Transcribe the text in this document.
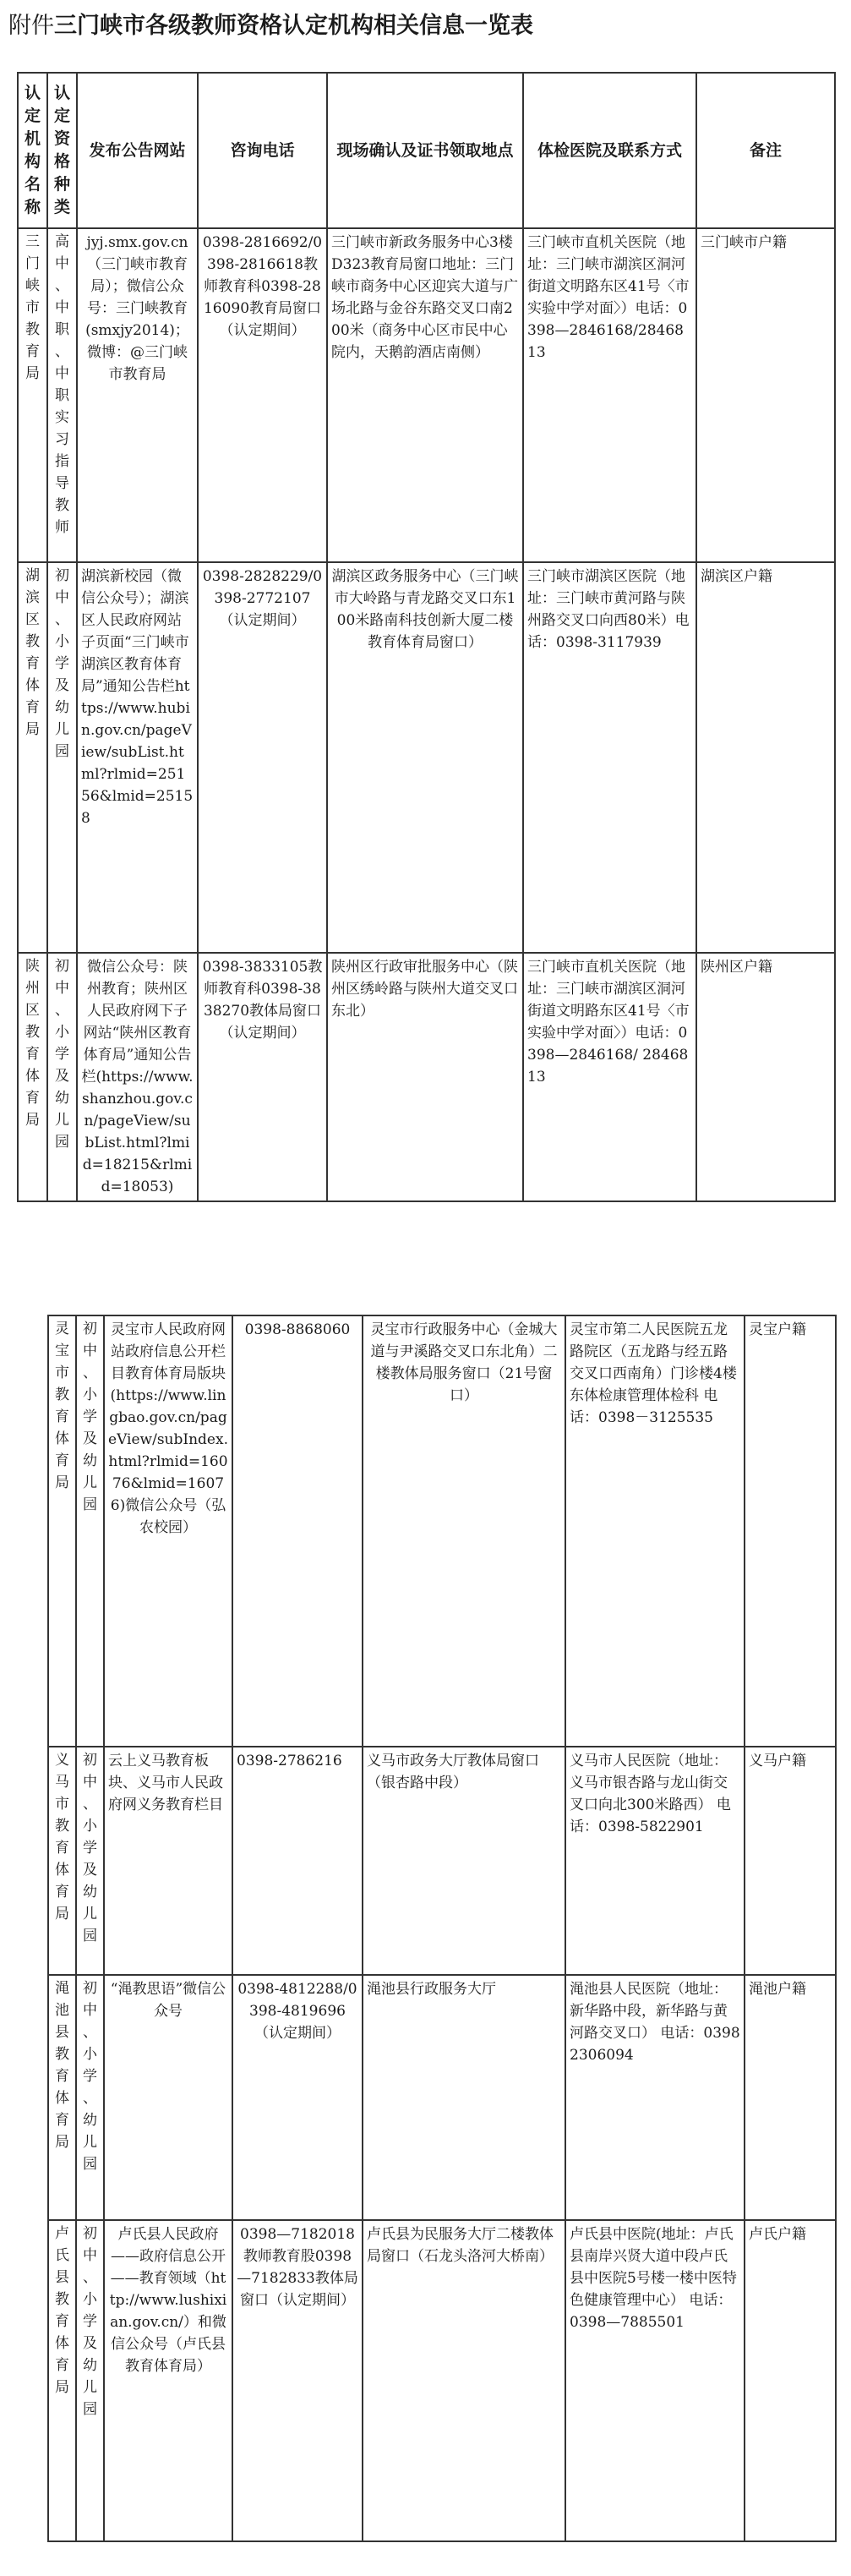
附件三门峡市各级教师资格认定机构相关信息一览表
认定机构名称	认定资格种类	发布公告网站	咨询电话	现场确认及证书领取地点	体检医院及联系方式	备注
三门峡市教育局	高中、中职、中职实习指导教师	jyj.smx.gov.cn（三门峡市教育局）；微信公众号：三门峡教育(smxjy2014)；微博：@三门峡市教育局	0398-2816692/0398-2816618教师教育科0398-2816090教育局窗口（认定期间）	三门峡市新政务服务中心3楼D323教育局窗口地址：三门峡市商务中心区迎宾大道与广场北路与金谷东路交叉口南200米（商务中心区市民中心院内，天鹅韵酒店南侧）	三门峡市直机关医院（地址：三门峡市湖滨区洞河街道文明路东区41号〈市实验中学对面〉）电话：0398—2846168/2846813	三门峡市户籍
湖滨区教育体育局	初中、小学及幼儿园	湖滨新校园（微信公众号）；湖滨区人民政府网站子页面“三门峡市湖滨区教育体育局”通知公告栏https://www.hubin.gov.cn/pageView/subList.html?rlmid=25156&lmid=25158	0398-2828229/0398-2772107（认定期间）	湖滨区政务服务中心（三门峡市大岭路与青龙路交叉口东100米路南科技创新大厦二楼教育体育局窗口）	三门峡市湖滨区医院（地址：三门峡市黄河路与陕州路交叉口向西80米）电话：0398-3117939	湖滨区户籍
陕州区教育体育局	初中、小学及幼儿园	微信公众号：陕州教育；陕州区人民政府网下子网站“陕州区教育体育局”通知公告栏(https://www.shanzhou.gov.cn/pageView/subList.html?lmid=18215&rlmid=18053)	0398-3833105教师教育科0398-3838270教体局窗口（认定期间）	陕州区行政审批服务中心（陕州区绣岭路与陕州大道交叉口东北）	三门峡市直机关医院（地址：三门峡市湖滨区洞河街道文明路东区41号〈市实验中学对面〉）电话：0398—2846168/ 2846813	陕州区户籍
灵宝市教育体育局	初中、小学及幼儿园	灵宝市人民政府网站政府信息公开栏目教育体育局版块(https://www.lingbao.gov.cn/pageView/subIndex.html?rlmid=16076&lmid=16076)微信公众号（弘农校园）	0398-8868060	灵宝市行政服务中心（金城大道与尹溪路交叉口东北角）二楼教体局服务窗口（21号窗口）	灵宝市第二人民医院五龙路院区（五龙路与经五路交叉口西南角）门诊楼4楼东体检康管理体检科 电话：0398－3125535	灵宝户籍
义马市教育体育局	初中、小学及幼儿园	云上义马教育板块、义马市人民政府网义务教育栏目	0398-2786216	义马市政务大厅教体局窗口（银杏路中段）	义马市人民医院（地址：义马市银杏路与龙山街交叉口向北300米路西） 电话：0398-5822901	义马户籍
渑池县教育体育局	初中、小学、幼儿园	“渑教思语”微信公众号	0398-4812288/0398-4819696（认定期间）	渑池县行政服务大厅	渑池县人民医院（地址：新华路中段，新华路与黄河路交叉口） 电话：03982306094	渑池户籍
卢氏县教育体育局	初中、小学及幼儿园	卢氏县人民政府——政府信息公开——教育领域（http://www.lushixian.gov.cn/）和微信公众号（卢氏县教育体育局）	0398—7182018教师教育股0398—7182833教体局窗口（认定期间）	卢氏县为民服务大厅二楼教体局窗口（石龙头洛河大桥南）	卢氏县中医院(地址：卢氏县南岸兴贤大道中段卢氏县中医院5号楼一楼中医特色健康管理中心） 电话：0398—7885501	卢氏户籍
